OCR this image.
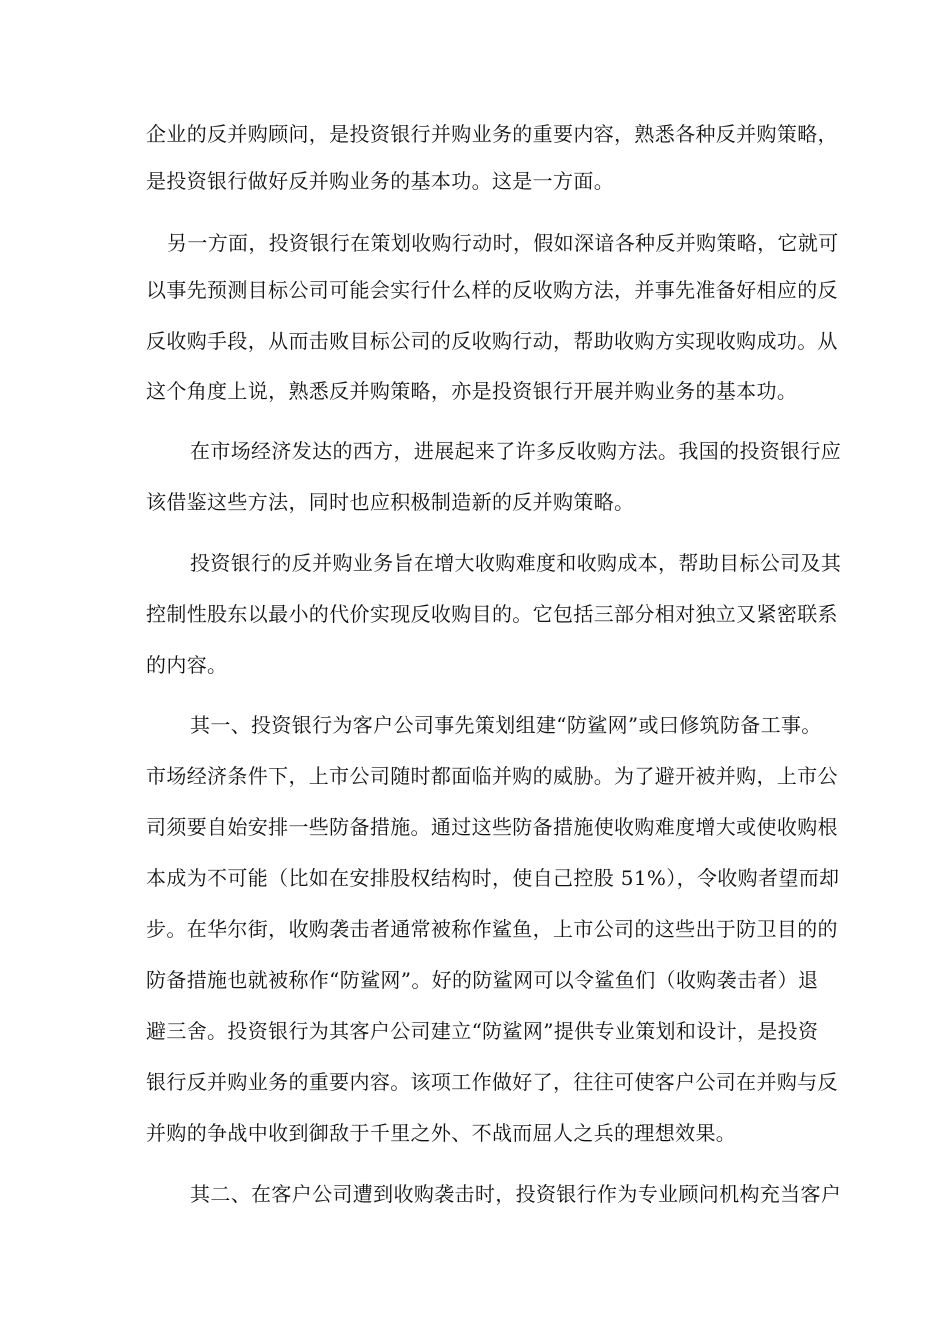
企业的反并购顾问，是投资银行并购业务的重要内容，熟悉各种反并购策略，
是投资银行做好反并购业务的基本功。这是一方面。
另一方面，投资银行在策划收购行动时，假如深谙各种反并购策略，它就可
以事先预测目标公司可能会实行什么样的反收购方法，并事先准备好相应的反
反收购手段，从而击败目标公司的反收购行动，帮助收购方实现收购成功。从
这个角度上说，熟悉反并购策略，亦是投资银行开展并购业务的基本功。
在市场经济发达的西方，进展起来了许多反收购方法。我国的投资银行应
该借鉴这些方法，同时也应积极制造新的反并购策略。
投资银行的反并购业务旨在增大收购难度和收购成本，帮助目标公司及其
控制性股东以最小的代价实现反收购目的。它包括三部分相对独立又紧密联系
的内容。
其一、投资银行为客户公司事先策划组建“防鲨网”或曰修筑防备工事。
市场经济条件下，上市公司随时都面临并购的威胁。为了避开被并购，上市公
司须要自始安排一些防备措施。通过这些防备措施使收购难度增大或使收购根
本成为不可能（比如在安排股权结构时，使自己控股 51%），令收购者望而却
步。在华尔街，收购袭击者通常被称作鲨鱼，上市公司的这些出于防卫目的的
防备措施也就被称作“防鲨网”。好的防鲨网可以令鲨鱼们（收购袭击者）退
避三舍。投资银行为其客户公司建立“防鲨网”提供专业策划和设计，是投资
银行反并购业务的重要内容。该项工作做好了，往往可使客户公司在并购与反
并购的争战中收到御敌于千里之外、不战而屈人之兵的理想效果。
其二、在客户公司遭到收购袭击时，投资银行作为专业顾问机构充当客户
